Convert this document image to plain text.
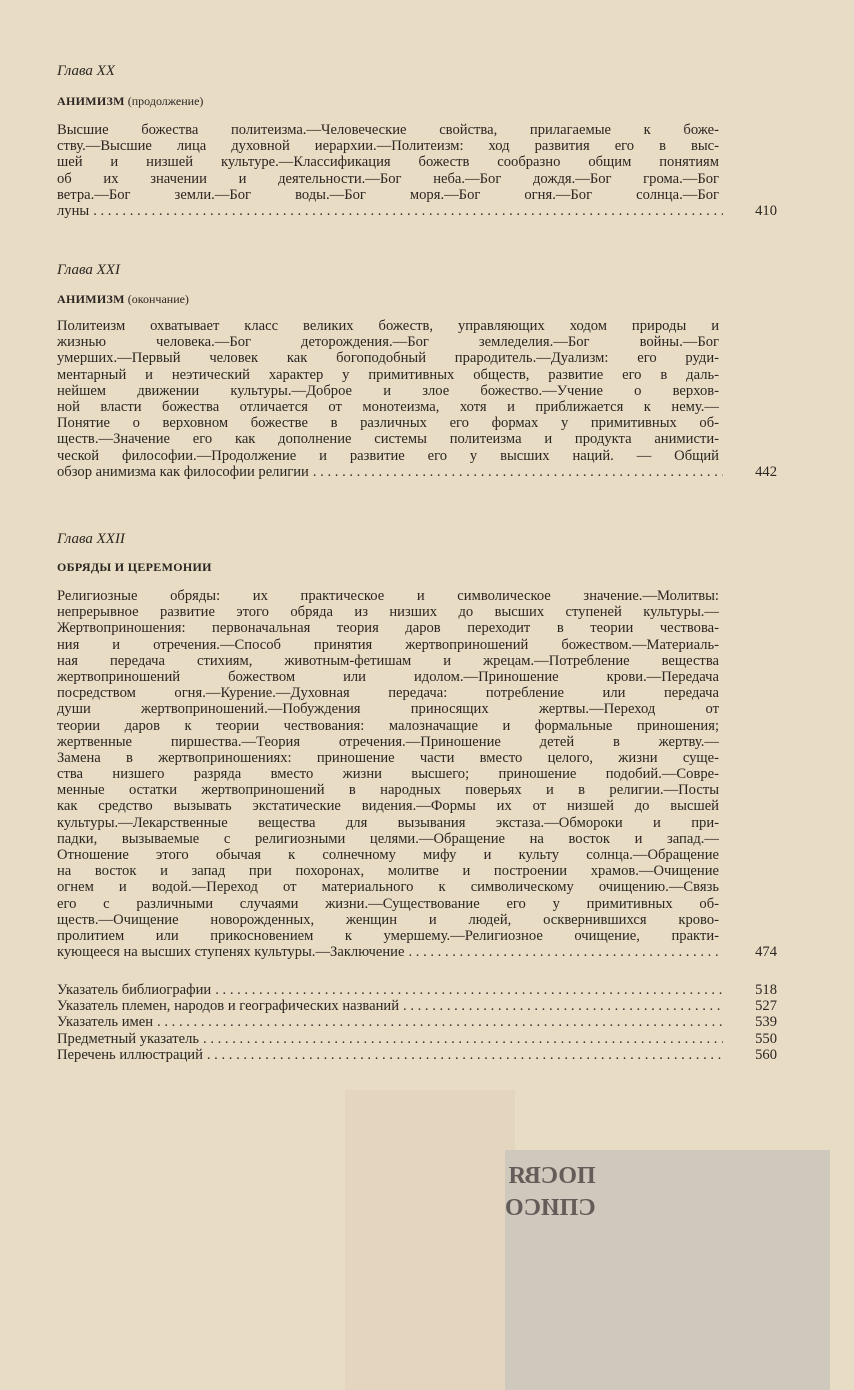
ПОСВЯ
СПИСО
Глава XX
АНИМИЗМ (продолжение)
Высшие божества политеизма.—Человеческие свойства, прилагаемые к боже-
ству.—Высшие лица духовной иерархии.—Политеизм: ход развития его в выс-
шей и низшей культуре.—Классификация божеств сообразно общим понятиям
об их значении и деятельности.—Бог неба.—Бог дождя.—Бог грома.—Бог
ветра.—Бог земли.—Бог воды.—Бог моря.—Бог огня.—Бог солнца.—Бог
луны . . .	410
Глава XXI
АНИМИЗМ (окончание)
Политеизм охватывает класс великих божеств, управляющих ходом природы и
жизнью человека.—Бог деторождения.—Бог земледелия.—Бог войны.—Бог
умерших.—Первый человек как богоподобный прародитель.—Дуализм: его руди-
ментарный и неэтический характер у примитивных обществ, развитие его в даль-
нейшем движении культуры.—Доброе и злое божество.—Учение о верхов-
ной власти божества отличается от монотеизма, хотя и приближается к нему.—
Понятие о верховном божестве в различных его формах у примитивных об-
ществ.—Значение его как дополнение системы политеизма и продукта анимисти-
ческой философии.—Продолжение и развитие его у высших наций. — Общий
обзор анимизма как философии религии . . .	442
Глава XXII
ОБРЯДЫ И ЦЕРЕМОНИИ
Религиозные обряды: их практическое и символическое значение.—Молитвы:
непрерывное развитие этого обряда из низших до высших ступеней культуры.—
Жертвоприношения: первоначальная теория даров переходит в теории чествова-
ния и отречения.—Способ принятия жертвоприношений божеством.—Материаль-
ная передача стихиям, животным-фетишам и жрецам.—Потребление вещества
жертвоприношений божеством или идолом.—Приношение крови.—Передача
посредством огня.—Курение.—Духовная передача: потребление или передача
души жертвоприношений.—Побуждения приносящих жертвы.—Переход от
теории даров к теории чествования: малозначащие и формальные приношения;
жертвенные пиршества.—Теория отречения.—Приношение детей в жертву.—
Замена в жертвоприношениях: приношение части вместо целого, жизни суще-
ства низшего разряда вместо жизни высшего; приношение подобий.—Совре-
менные остатки жертвоприношений в народных поверьях и в религии.—Посты
как средство вызывать экстатические видения.—Формы их от низшей до высшей
культуры.—Лекарственные вещества для вызывания экстаза.—Обмороки и при-
падки, вызываемые с религиозными целями.—Обращение на восток и запад.—
Отношение этого обычая к солнечному мифу и культу солнца.—Обращение
на восток и запад при похоронах, молитве и построении храмов.—Очищение
огнем и водой.—Переход от материального к символическому очищению.—Связь
его с различными случаями жизни.—Существование его у примитивных об-
ществ.—Очищение новорожденных, женщин и людей, осквернившихся крово-
пролитием или прикосновением к умершему.—Религиозное очищение, практи-
кующееся на высших ступенях культуры.—Заключение . . .	474
Указатель библиографии . . .	518
Указатель племен, народов и географических названий . . .	527
Указатель имен . . .	539
Предметный указатель . . .	550
Перечень иллюстраций . . .	560
